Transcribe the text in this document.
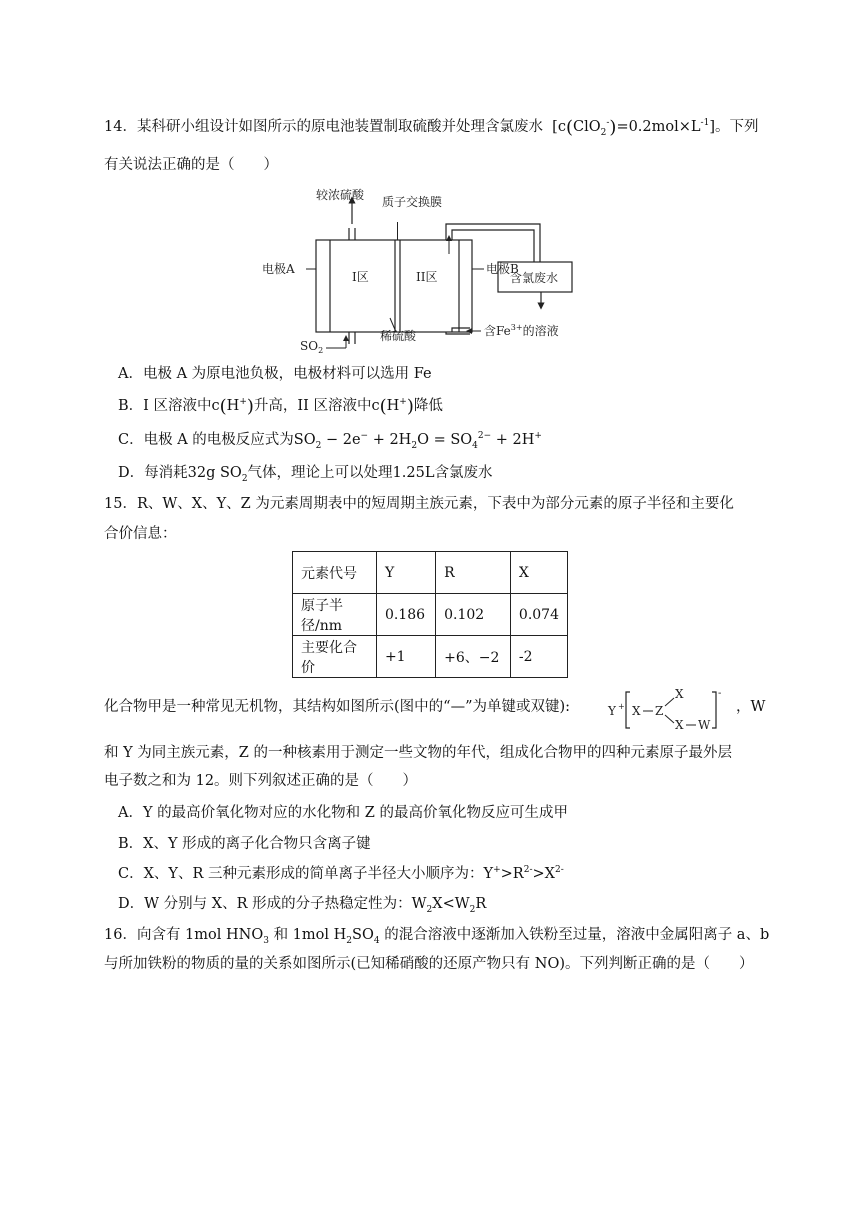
14．某科研小组设计如图所示的原电池装置制取硫酸并处理含氯废水  $[c(ClO_2^-)=0.2mol\times L^{-1}]$。下列
有关说法正确的是（　　）
较浓硫酸 质子交换膜
电极A
I区	II区
电极B
含氯废水
稀硫酸
$SO_2$
含$Fe^{3+}$的溶液
A．电极 A 为原电池负极，电极材料可以选用 Fe
B．I 区溶液中c(H+)升高，II 区溶液中c(H+)降低
C．电极 A 的电极反应式为$SO_2 - 2e^- + 2H_2O = SO_4^{2-} + 2H^+$
D．每消耗32g $SO_2$气体，理论上可以处理1.25L含氯废水
15．R、W、X、Y、Z 为元素周期表中的短周期主族元素，下表中为部分元素的原子半径和主要化
合价信息：
元素代号	Y	R	X
原子半径/nm	0.186	0.102	0.074
主要化合价	+1	+6、−2	-2
化合物甲是一种常见无机物，其结构如图所示(图中的“—”为单键或双键):	Y +
-
X Z
X
X W
，W
和 Y 为同主族元素，Z 的一种核素用于测定一些文物的年代，组成化合物甲的四种元素原子最外层
电子数之和为 12。则下列叙述正确的是（　　）
A．Y 的最高价氧化物对应的水化物和 Z 的最高价氧化物反应可生成甲
B．X、Y 形成的离子化合物只含离子键
C．X、Y、R 三种元素形成的简单离子半径大小顺序为：$Y^+>R^{2-}>X^{2-}$
D．W 分别与 X、R 形成的分子热稳定性为：$W_2X<W_2R$
16．向含有 1mol $HNO_3$ 和 1mol $H_2SO_4$ 的混合溶液中逐渐加入铁粉至过量，溶液中金属阳离子 a、b
与所加铁粉的物质的量的关系如图所示(已知稀硝酸的还原产物只有 NO)。下列判断正确的是（　　）
